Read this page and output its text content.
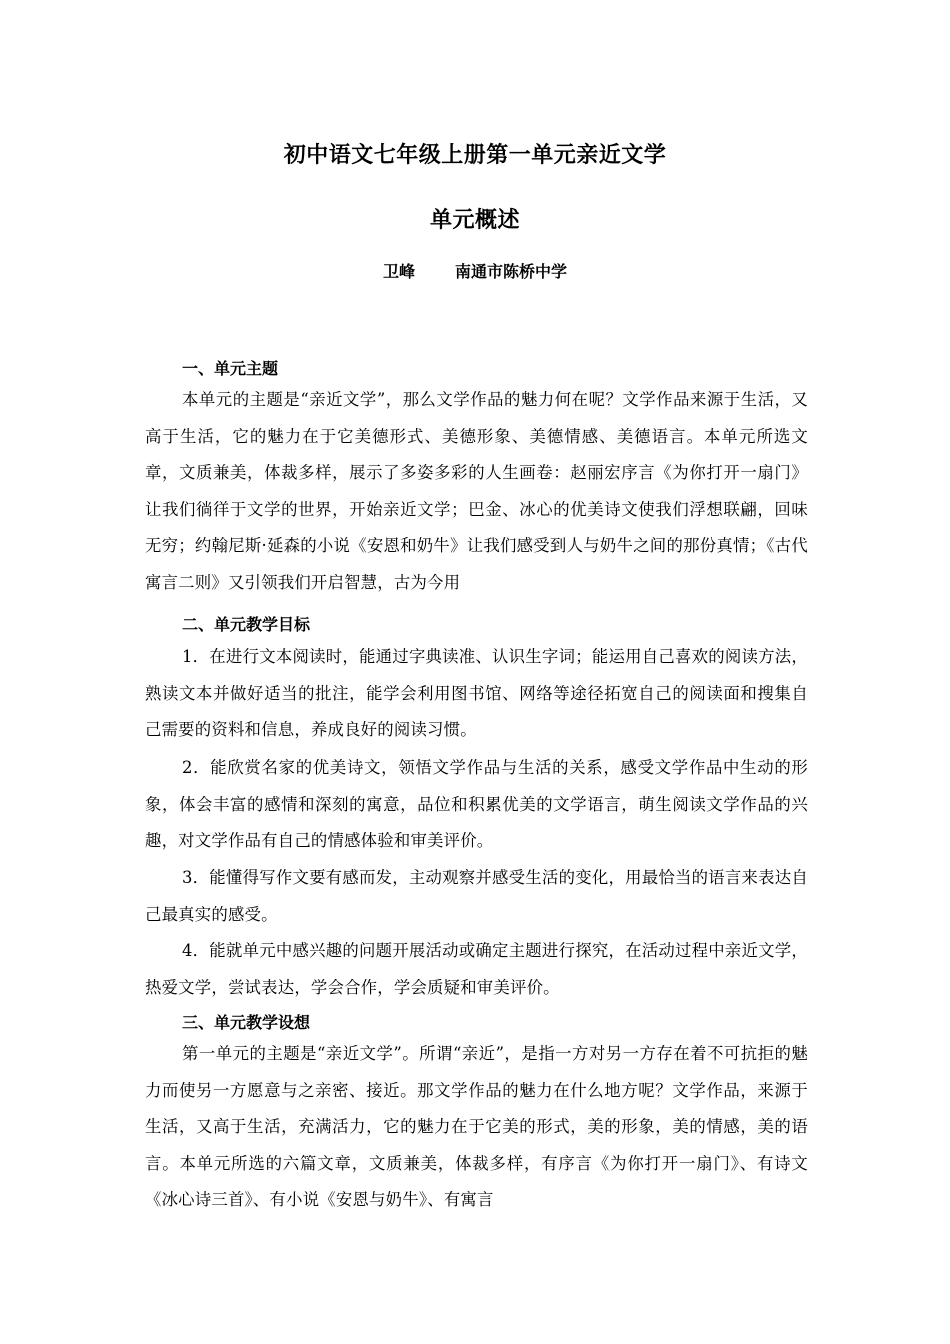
初中语文七年级上册第一单元亲近文学
单元概述
卫峰	南通市陈桥中学
一、单元主题

本单元的主题是“亲近文学”，那么文学作品的魅力何在呢？文学作品来源于生活，又高于生活，它的魅力在于它美德形式、美德形象、美德情感、美德语言。本单元所选文章，文质兼美，体裁多样，展示了多姿多彩的人生画卷：赵丽宏序言《为你打开一扇门》让我们徜徉于文学的世界，开始亲近文学；巴金、冰心的优美诗文使我们浮想联翩，回味无穷；约翰尼斯·延森的小说《安恩和奶牛》让我们感受到人与奶牛之间的那份真情；《古代寓言二则》又引领我们开启智慧，古为今用

二、单元教学目标

1．在进行文本阅读时，能通过字典读准、认识生字词；能运用自己喜欢的阅读方法，熟读文本并做好适当的批注，能学会利用图书馆、网络等途径拓宽自己的阅读面和搜集自己需要的资料和信息，养成良好的阅读习惯。

2．能欣赏名家的优美诗文，领悟文学作品与生活的关系，感受文学作品中生动的形象，体会丰富的感情和深刻的寓意，品位和积累优美的文学语言，萌生阅读文学作品的兴趣，对文学作品有自己的情感体验和审美评价。

3．能懂得写作文要有感而发，主动观察并感受生活的变化，用最恰当的语言来表达自己最真实的感受。

4．能就单元中感兴趣的问题开展活动或确定主题进行探究，在活动过程中亲近文学，热爱文学，尝试表达，学会合作，学会质疑和审美评价。

三、单元教学设想

第一单元的主题是“亲近文学”。所谓“亲近”，是指一方对另一方存在着不可抗拒的魅力而使另一方愿意与之亲密、接近。那文学作品的魅力在什么地方呢？文学作品，来源于生活，又高于生活，充满活力，它的魅力在于它美的形式，美的形象，美的情感，美的语言。本单元所选的六篇文章，文质兼美，体裁多样，有序言《为你打开一扇门》、有诗文《冰心诗三首》、有小说《安恩与奶牛》、有寓言
